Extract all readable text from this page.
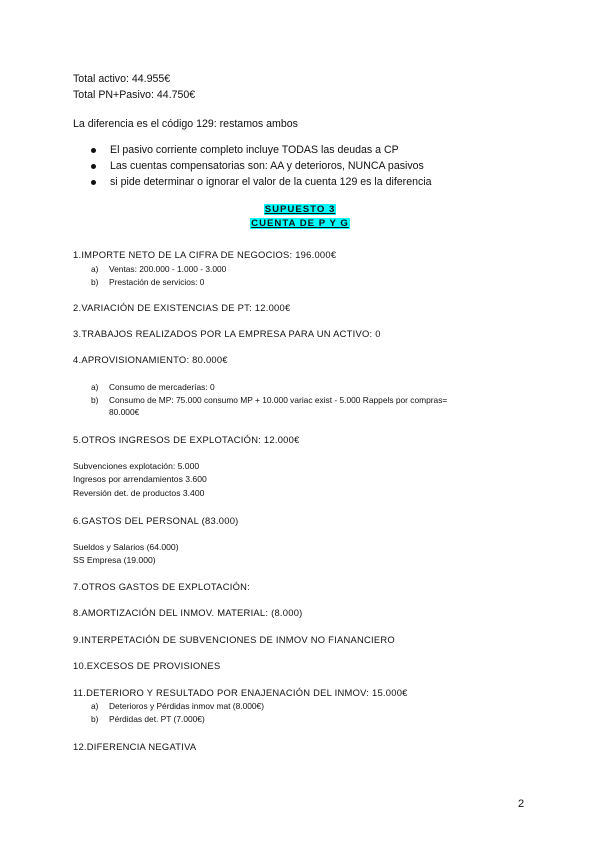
Total activo: 44.955€
Total PN+Pasivo: 44.750€
La diferencia es el código 129: restamos ambos
El pasivo corriente completo incluye TODAS las deudas a CP
Las cuentas compensatorias son: AA y deterioros, NUNCA pasivos
si pide determinar o ignorar el valor de la cuenta 129 es la diferencia
SUPUESTO 3
CUENTA DE P Y G
1.IMPORTE NETO DE LA CIFRA DE NEGOCIOS: 196.000€
a) Ventas: 200.000 - 1.000 - 3.000
b) Prestación de servicios: 0
2.VARIACIÓN DE EXISTENCIAS DE PT: 12.000€
3.TRABAJOS REALIZADOS POR LA EMPRESA PARA UN ACTIVO: 0
4.APROVISIONAMIENTO: 80.000€
a) Consumo de mercaderías: 0
b) Consumo de MP: 75.000 consumo MP + 10.000 variac exist - 5.000 Rappels por compras=
80.000€
5.OTROS INGRESOS DE EXPLOTACIÓN: 12.000€
Subvenciones explotación: 5.000
Ingresos por arrendamientos 3.600
Reversión det. de productos 3.400
6.GASTOS DEL PERSONAL (83.000)
Sueldos y Salarios (64.000)
SS Empresa (19.000)
7.OTROS GASTOS DE EXPLOTACIÓN:
8.AMORTIZACIÓN DEL INMOV. MATERIAL: (8.000)
9.INTERPETACIÓN DE SUBVENCIONES DE INMOV NO FIANANCIERO
10.EXCESOS DE PROVISIONES
11.DETERIORO Y RESULTADO POR ENAJENACIÓN DEL INMOV: 15.000€
a) Deterioros y Pérdidas inmov mat (8.000€)
b) Pérdidas det. PT (7.000€)
12.DIFERENCIA NEGATIVA
2
